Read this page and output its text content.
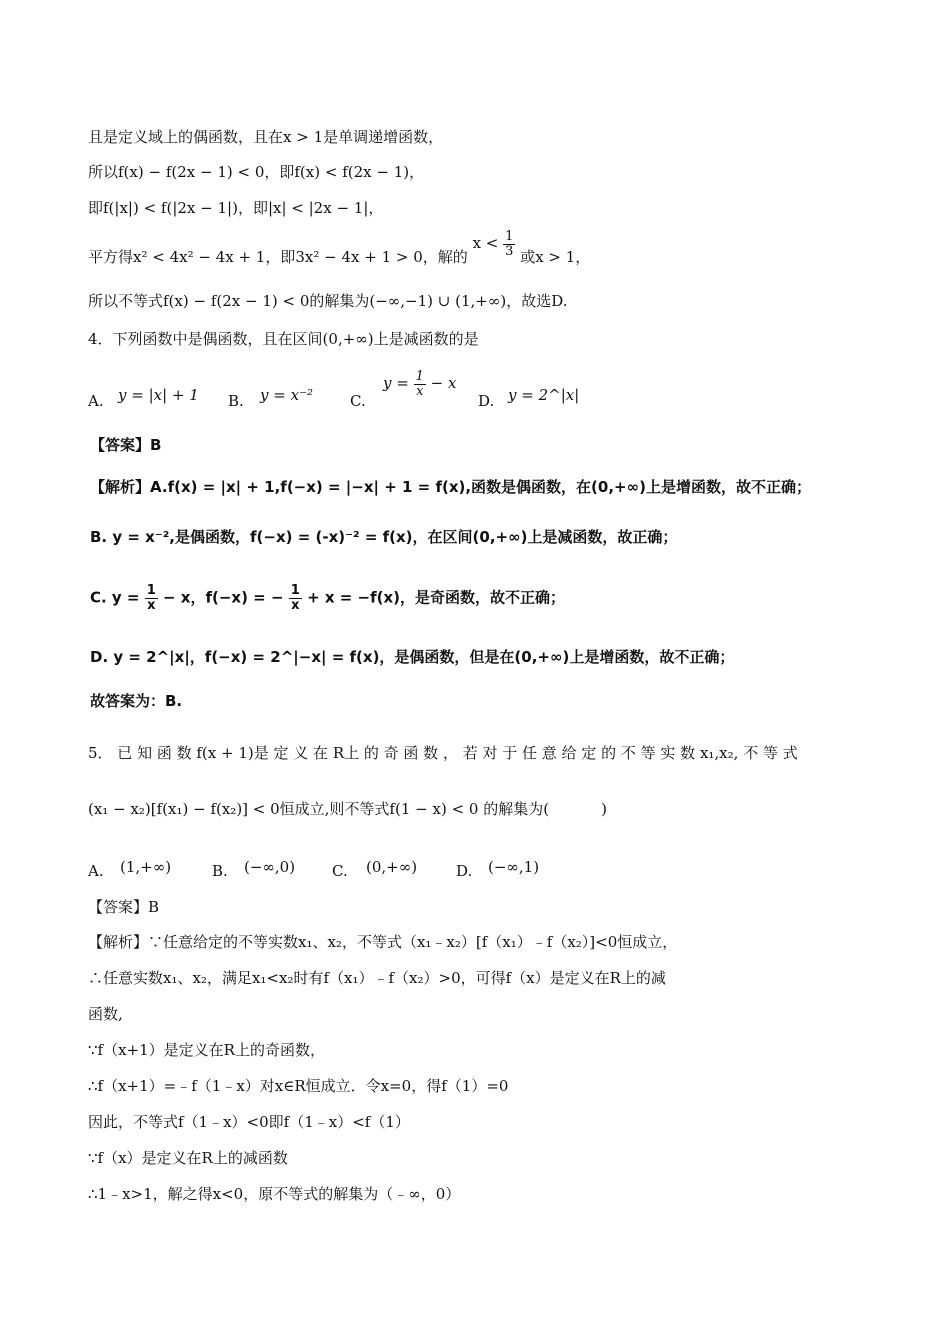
且是定义域上的偶函数，且在x > 1是单调递增函数，
所以f(x) − f(2x − 1) < 0，即f(x) < f(2x − 1)，
即f(|x|) < f(|2x − 1|)，即|x| < |2x − 1|，
平方得x² < 4x² − 4x + 1，即3x² − 4x + 1 > 0，解的 $x < \frac{1}{3}$ 或x > 1，
所以不等式f(x) − f(2x − 1) < 0的解集为(−∞,−1) ∪ (1,+∞)，故选D.
4．下列函数中是偶函数，且在区间(0,+∞)上是减函数的是
A. y = |x| + 1 B. y = x⁻² C.
$y = \frac{1}{x} - x$
D. y = 2^|x|
【答案】B
【解析】A.f(x) = |x| + 1,f(−x) = |−x| + 1 = f(x),函数是偶函数，在(0,+∞)上是增函数，故不正确；
B. y = x⁻²,是偶函数，f(−x) = (-x)⁻² = f(x)，在区间(0,+∞)上是减函数，故正确；
C. $y = \frac{1}{x} - x$，f(−x) = − $\frac{1}{x} + x = -f(x)$，是奇函数，故不正确；
D. y = 2^|x|，f(−x) = 2^|−x| = f(x)，是偶函数，但是在(0,+∞)上是增函数，故不正确；
故答案为：B.
5． 已 知 函 数 f(x + 1)是 定 义 在 R上 的 奇 函 数 ， 若 对 于 任 意 给 定 的 不 等 实 数 x₁,x₂, 不 等 式
(x₁ − x₂)[f(x₁) − f(x₂)] < 0恒成立,则不等式f(1 − x) < 0 的解集为(	)
A. (1,+∞)	B. (−∞,0) C. (0,+∞)	D. (−∞,1)
【答案】B
【解析】∵任意给定的不等实数x₁、x₂，不等式（x₁﹣x₂）[f（x₁）﹣f（x₂）]<0恒成立，
∴任意实数x₁、x₂，满足x₁<x₂时有f（x₁）﹣f（x₂）>0，可得f（x）是定义在R上的减
函数,
∵f（x+1）是定义在R上的奇函数，
∴f（x+1）=﹣f（1﹣x）对x∈R恒成立．令x=0，得f（1）=0
因此，不等式f（1﹣x）<0即f（1﹣x）<f（1）
∵f（x）是定义在R上的减函数
∴1﹣x>1，解之得x<0，原不等式的解集为（﹣∞，0）
